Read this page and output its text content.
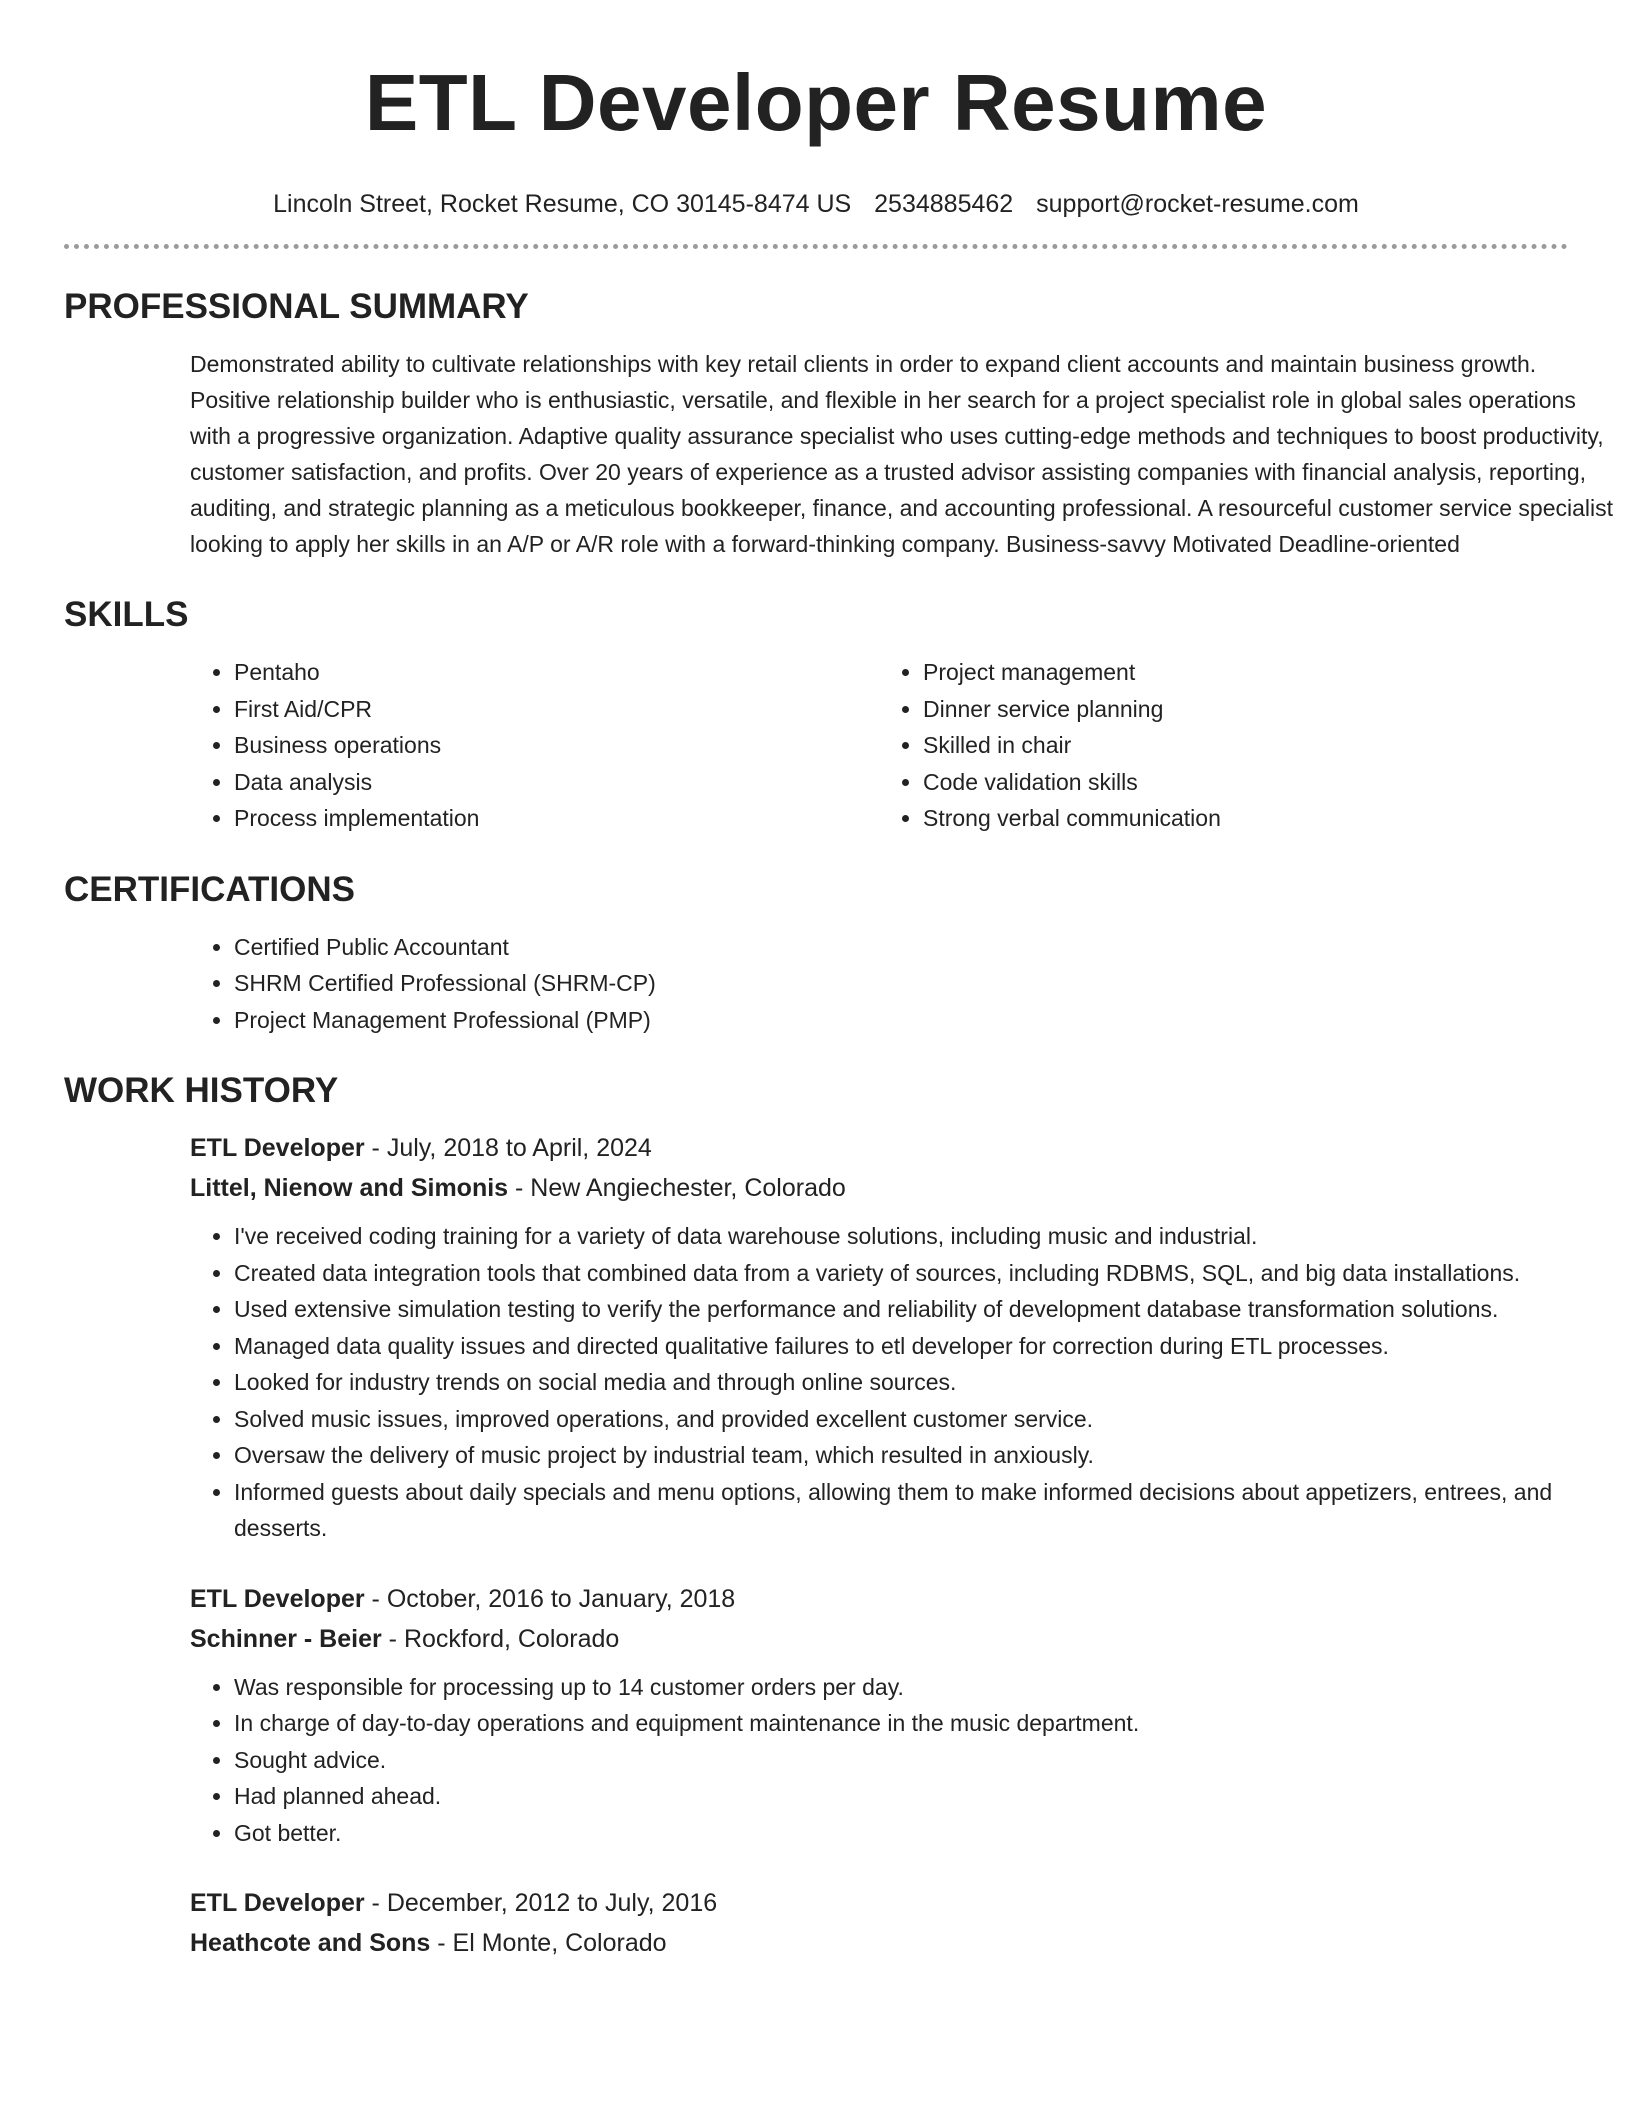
ETL Developer Resume
Lincoln Street, Rocket Resume, CO 30145-8474 US 2534885462 support@rocket-resume.com
PROFESSIONAL SUMMARY

Demonstrated ability to cultivate relationships with key retail clients in order to expand client accounts and maintain business growth. Positive relationship builder who is enthusiastic, versatile, and flexible in her search for a project specialist role in global sales operations with a progressive organization. Adaptive quality assurance specialist who uses cutting-edge methods and techniques to boost productivity, customer satisfaction, and profits. Over 20 years of experience as a trusted advisor assisting companies with financial analysis, reporting, auditing, and strategic planning as a meticulous bookkeeper, finance, and accounting professional. A resourceful customer service specialist looking to apply her skills in an A/P or A/R role with a forward-thinking company. Business-savvy Motivated Deadline-oriented

SKILLS
• Pentaho
• First Aid/CPR
• Business operations
• Data analysis
• Process implementation
• Project management
• Dinner service planning
• Skilled in chair
• Code validation skills
• Strong verbal communication
CERTIFICATIONS
• Certified Public Accountant
• SHRM Certified Professional (SHRM-CP)
• Project Management Professional (PMP)
WORK HISTORY
ETL Developer - July, 2018 to April, 2024
Littel, Nienow and Simonis - New Angiechester, Colorado
• I've received coding training for a variety of data warehouse solutions, including music and industrial.
• Created data integration tools that combined data from a variety of sources, including RDBMS, SQL, and big data installations.
• Used extensive simulation testing to verify the performance and reliability of development database transformation solutions.
• Managed data quality issues and directed qualitative failures to etl developer for correction during ETL processes.
• Looked for industry trends on social media and through online sources.
• Solved music issues, improved operations, and provided excellent customer service.
• Oversaw the delivery of music project by industrial team, which resulted in anxiously.
• Informed guests about daily specials and menu options, allowing them to make informed decisions about appetizers, entrees, and desserts.
ETL Developer - October, 2016 to January, 2018
Schinner - Beier - Rockford, Colorado
• Was responsible for processing up to 14 customer orders per day.
• In charge of day-to-day operations and equipment maintenance in the music department.
• Sought advice.
• Had planned ahead.
• Got better.
ETL Developer - December, 2012 to July, 2016
Heathcote and Sons - El Monte, Colorado
